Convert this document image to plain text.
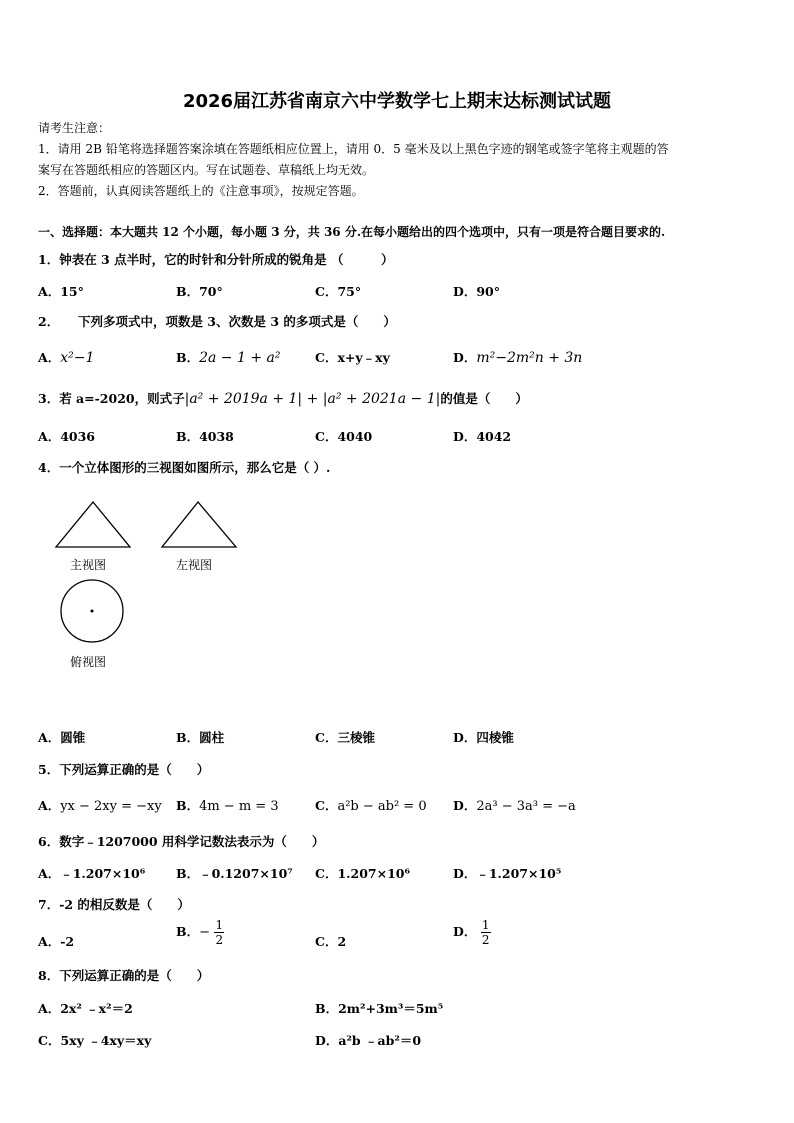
2026届江苏省南京六中学数学七上期末达标测试试题
请考生注意：
1．请用 2B 铅笔将选择题答案涂填在答题纸相应位置上，请用 0．5 毫米及以上黑色字迹的钢笔或签字笔将主观题的答
案写在答题纸相应的答题区内。写在试题卷、草稿纸上均无效。
2．答题前，认真阅读答题纸上的《注意事项》，按规定答题。
一、选择题：本大题共 12 个小题，每小题 3 分，共 36 分.在每小题给出的四个选项中，只有一项是符合题目要求的.
1．钟表在 3 点半时，它的时针和分针所成的锐角是 （　　　）
A．15°	B．70°	C．75°	D．90°
2．　　下列多项式中，项数是 3、次数是 3 的多项式是（　　）
A．x²−1	B．2a − 1 + a²	C．x+y﹣xy	D．m²−2m²n + 3n
3．若 a=-2020，则式子|a² + 2019a + 1| + |a² + 2021a − 1|的值是（　　）
A．4036	B．4038	C．4040	D．4042
4．一个立体图形的三视图如图所示，那么它是（ ）.
主视图	左视图
俯视图
A．圆锥	B．圆柱	C．三棱锥	D．四棱锥
5．下列运算正确的是（　　）
A．yx − 2xy = −xy B．4m − m = 3	C．a²b − ab² = 0 D．2a³ − 3a³ = −a
6．数字﹣1207000 用科学记数法表示为（　　）
A．﹣1.207×10⁶ B．﹣0.1207×10⁷ C．1.207×10⁶	D．﹣1.207×10⁵
7．-2 的相反数是（　　）
A．-2
B．− $\frac{1}{2}$	C．2
D． $\frac{1}{2}$
8．下列运算正确的是（　　）
A．2x² ﹣x²＝2	B．2m²+3m³＝5m⁵
C．5xy ﹣4xy＝xy	D．a²b ﹣ab²＝0
